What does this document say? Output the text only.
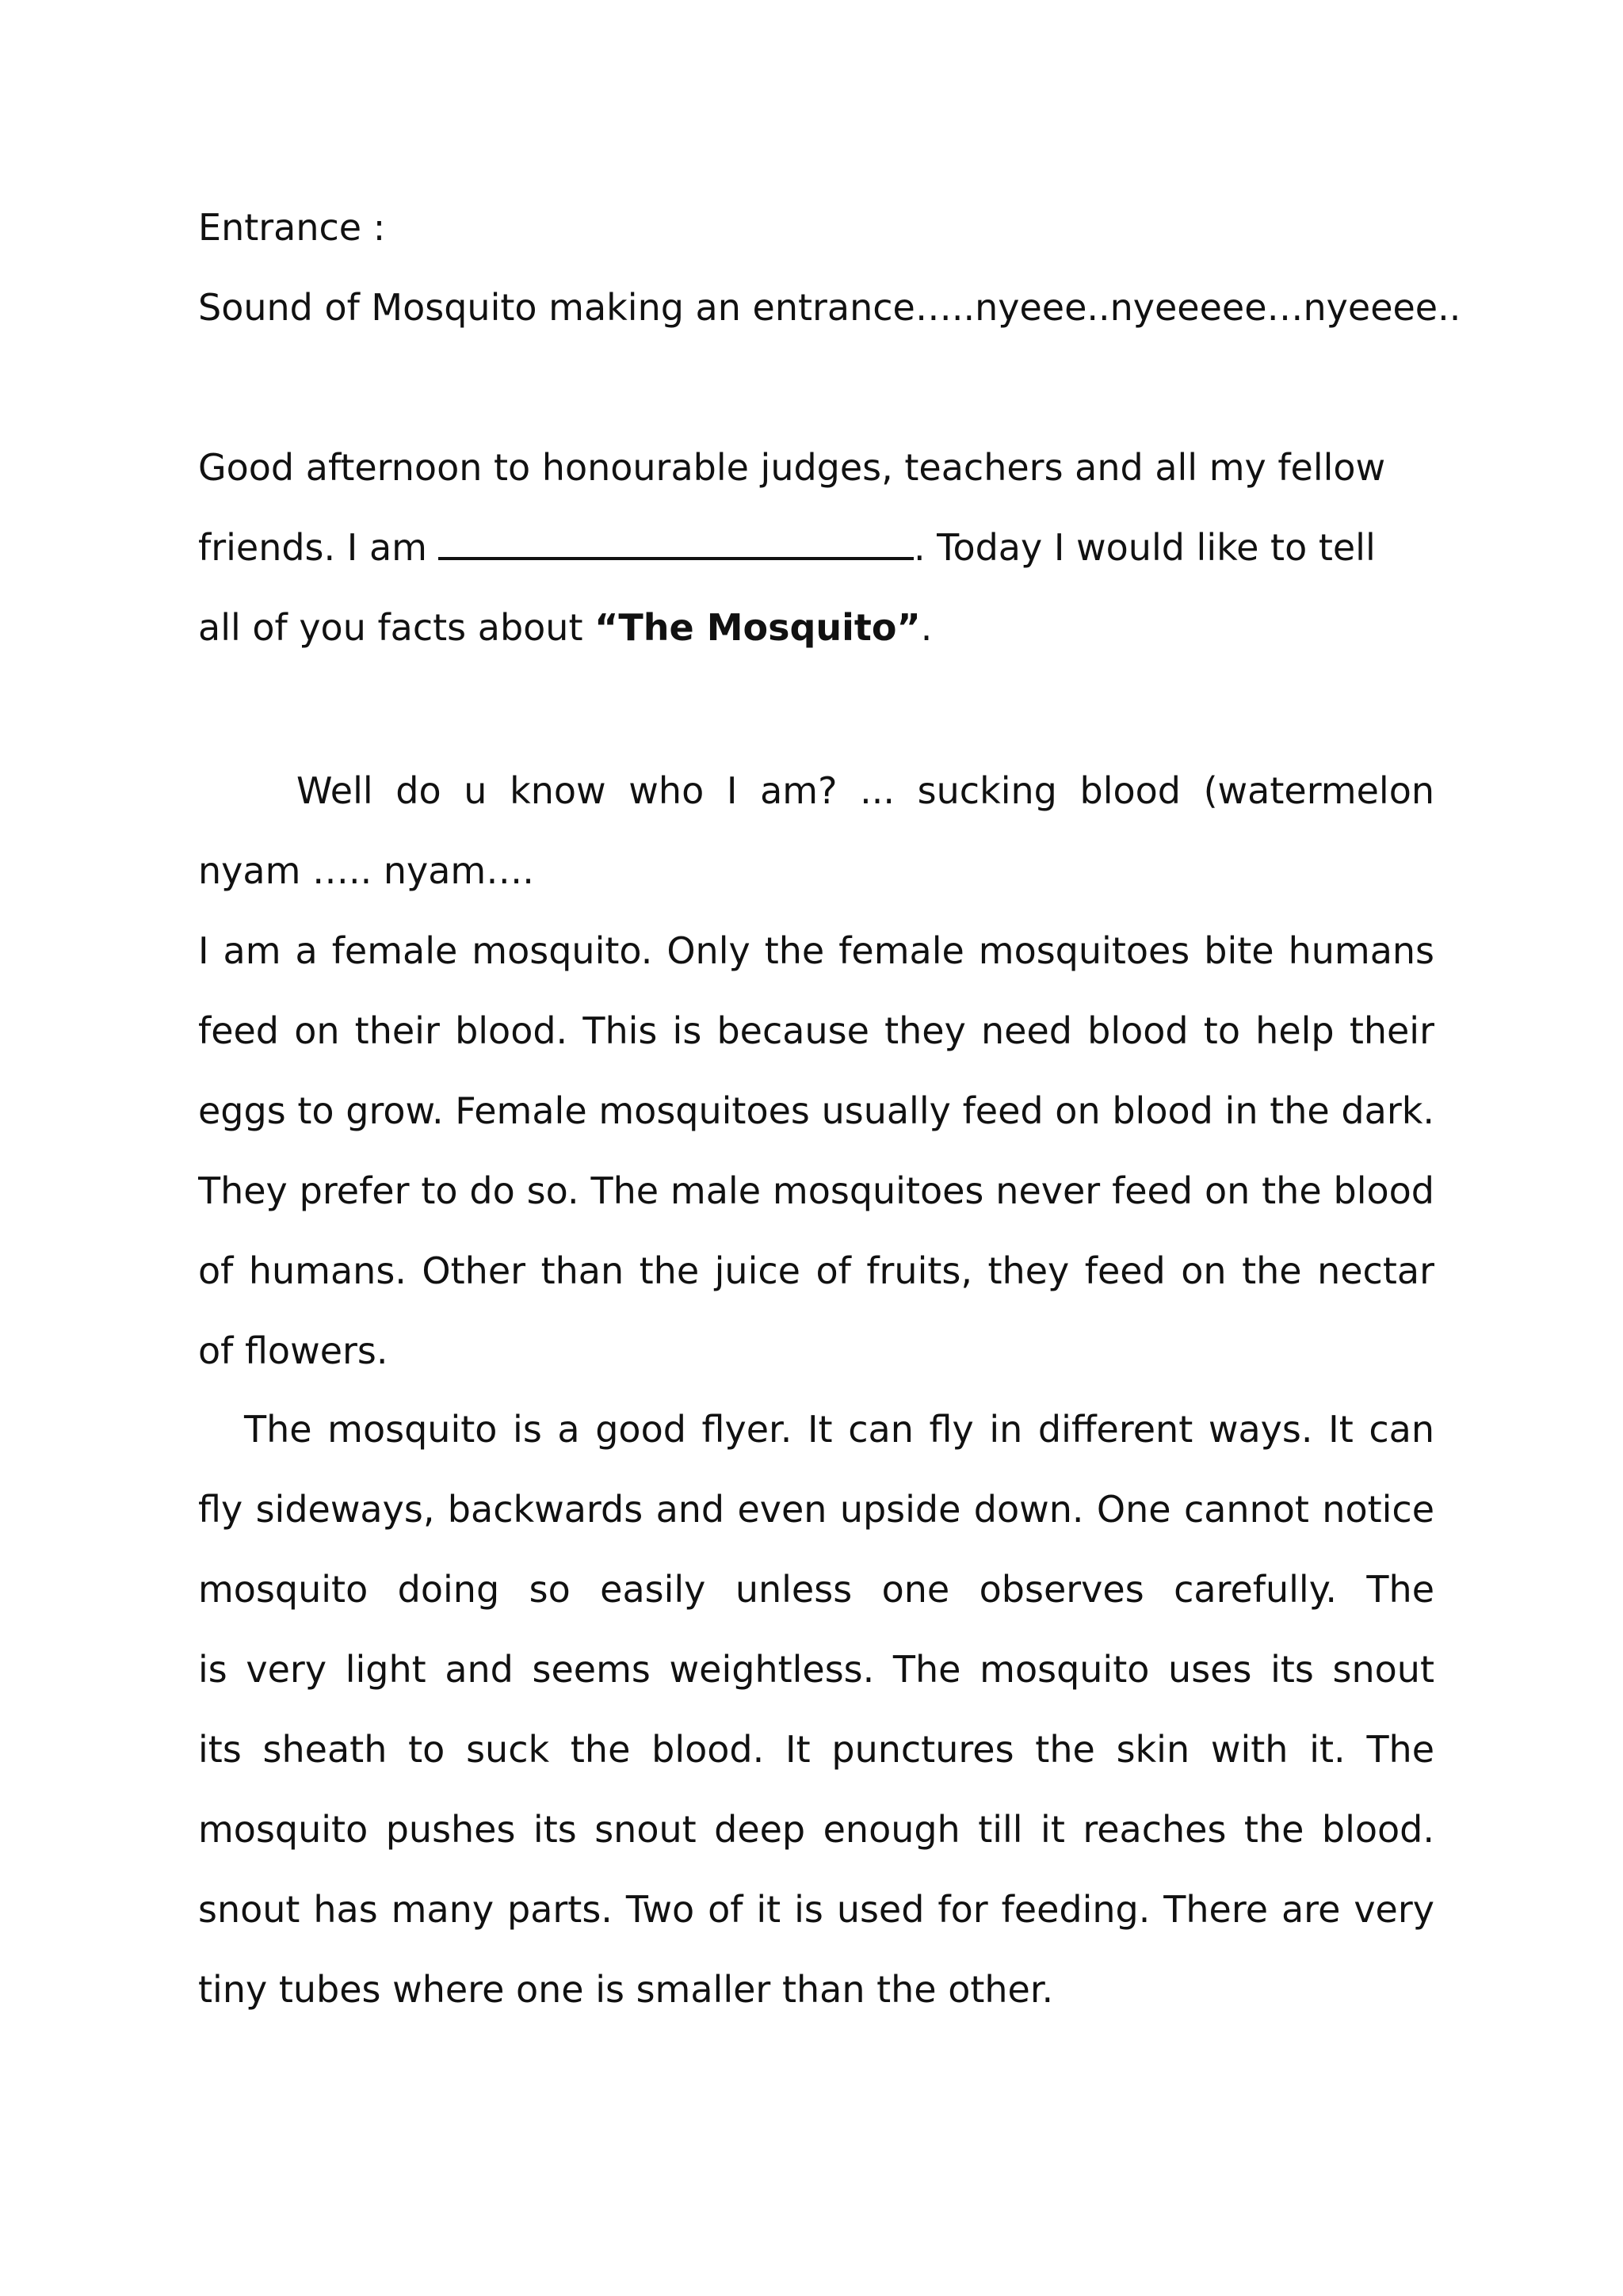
Entrance :
Sound of Mosquito making an entrance…..nyeee..nyeeeee…nyeeee..
Good afternoon to honourable judges, teachers and all my fellow
friends. I am	. Today I would like to tell
all of you facts about “The Mosquito”.
Well do u know who I am? ... sucking blood (watermelon
nyam ….. nyam….
I am a female mosquito. Only the female mosquitoes bite humans
feed on their blood. This is because they need blood to help their
eggs to grow. Female mosquitoes usually feed on blood in the dark.
They prefer to do so. The male mosquitoes never feed on the blood
of humans. Other than the juice of fruits, they feed on the nectar
of flowers.
The mosquito is a good flyer. It can fly in different ways. It can
fly sideways, backwards and even upside down. One cannot notice
mosquito doing so easily unless one observes carefully. The
is very light and seems weightless. The mosquito uses its snout
its sheath to suck the blood. It punctures the skin with it. The
mosquito pushes its snout deep enough till it reaches the blood.
snout has many parts. Two of it is used for feeding. There are very
tiny tubes where one is smaller than the other.
